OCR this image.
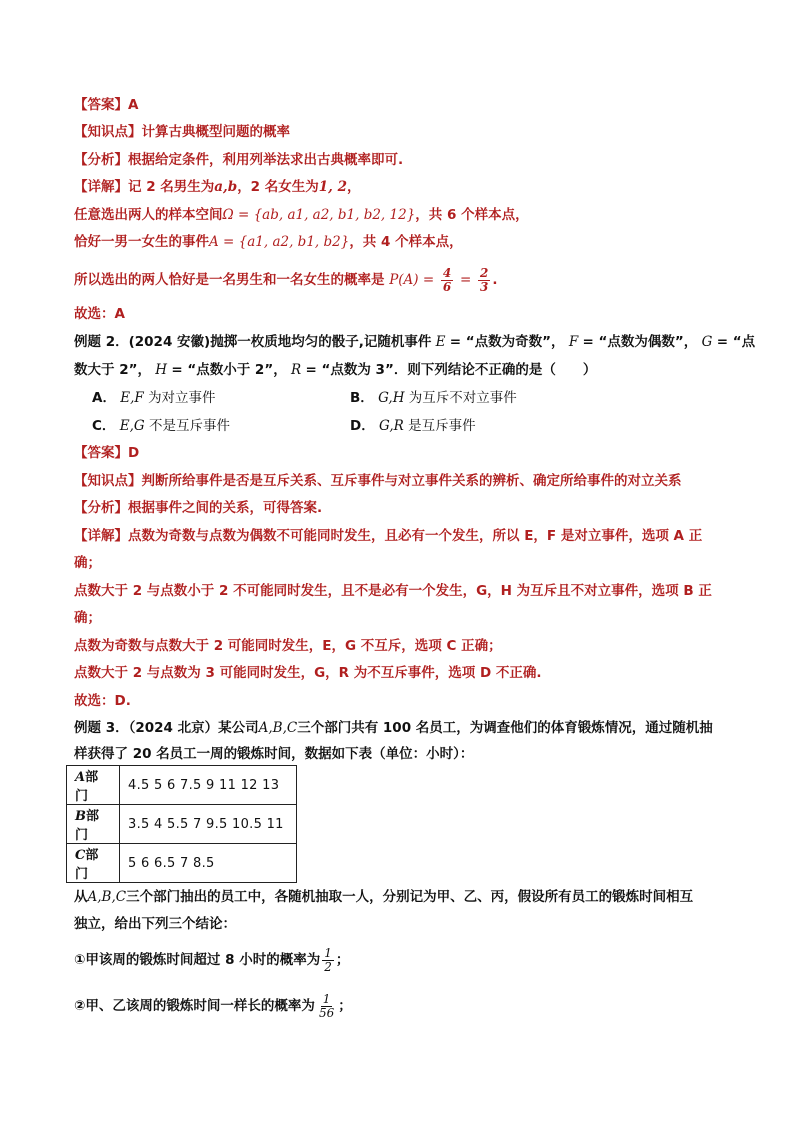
【答案】A
【知识点】计算古典概型问题的概率
【分析】根据给定条件，利用列举法求出古典概率即可.
【详解】记 2 名男生为a,b，2 名女生为1, 2，
任意选出两人的样本空间Ω = {ab, a1, a2, b1, b2, 12}，共 6 个样本点，
恰好一男一女生的事件A = {a1, a2, b1, b2}，共 4 个样本点，
所以选出的两人恰好是一名男生和一名女生的概率是 $P(A) = \frac{4}{6} = \frac{2}{3}$ .
故选：A
例题 2．(2024 安徽)抛掷一枚质地均匀的骰子,记随机事件 E = “点数为奇数”， F = “点数为偶数”， G = “点
数大于 2”， H = “点数小于 2”， R = “点数为 3”．则下列结论不正确的是（　　）
A． E,F 为对立事件	B． G,H 为互斥不对立事件
C． E,G 不是互斥事件	D． G,R 是互斥事件
【答案】D
【知识点】判断所给事件是否是互斥关系、互斥事件与对立事件关系的辨析、确定所给事件的对立关系
【分析】根据事件之间的关系，可得答案.
【详解】点数为奇数与点数为偶数不可能同时发生，且必有一个发生，所以 E，F 是对立事件，选项 A 正
确；
点数大于 2 与点数小于 2 不可能同时发生，且不是必有一个发生，G，H 为互斥且不对立事件，选项 B 正
确；
点数为奇数与点数大于 2 可能同时发生，E，G 不互斥，选项 C 正确；
点数大于 2 与点数为 3 可能同时发生，G，R 为不互斥事件，选项 D 不正确.
故选：D.
例题 3．（2024 北京）某公司A,B,C三个部门共有 100 名员工，为调查他们的体育锻炼情况，通过随机抽
样获得了 20 名员工一周的锻炼时间，数据如下表（单位：小时）：
A部门	4.5 5 6 7.5 9 11 12 13
B部门	3.5 4 5.5 7 9.5 10.5 11
C部门	5 6 6.5 7 8.5
从A,B,C三个部门抽出的员工中，各随机抽取一人，分别记为甲、乙、丙，假设所有员工的锻炼时间相互
独立，给出下列三个结论：
①甲该周的锻炼时间超过 8 小时的概率为 $\frac{1}{2}$ ；
②甲、乙该周的锻炼时间一样长的概率为 $\frac{1}{56}$ ；
